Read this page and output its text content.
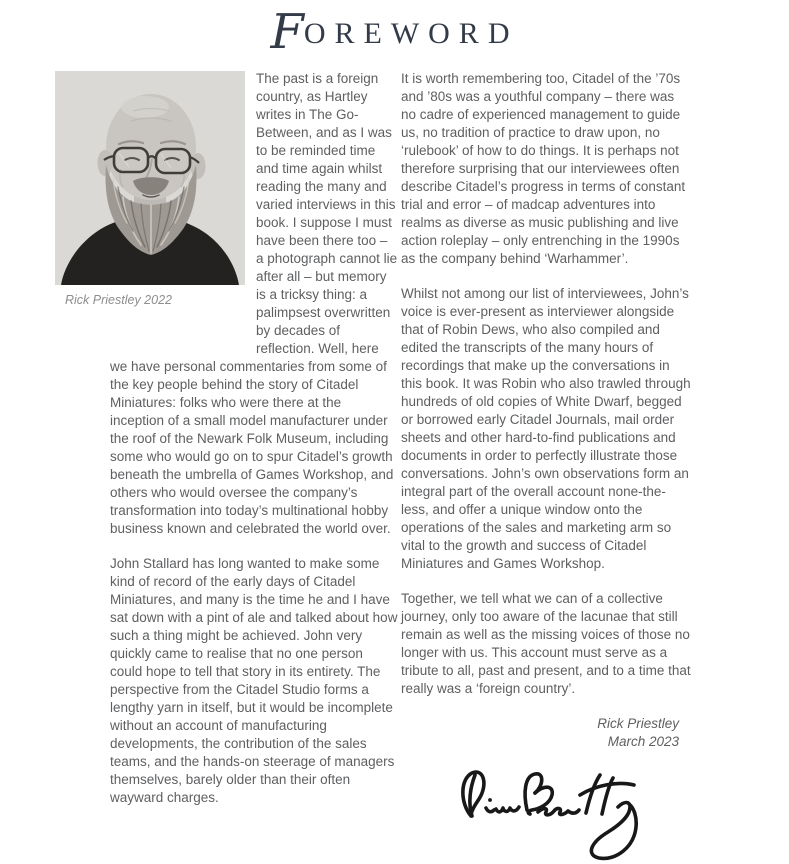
FOREWORD
Rick Priestley 2022

The past is a foreign country, as Hartley writes in The Go-Between, and as I was to be reminded time and time again whilst reading the many and varied interviews in this book. I suppose I must have been there too – a photograph cannot lie after all – but memory is a tricksy thing: a palimpsest overwritten by decades of reflection. Well, here we have personal commentaries from some of the key people behind the story of Citadel Miniatures: folks who were there at the inception of a small model manufacturer under the roof of the Newark Folk Museum, including some who would go on to spur Citadel’s growth beneath the umbrella of Games Workshop, and others who would oversee the company’s transformation into today’s multinational hobby business known and celebrated the world over.

John Stallard has long wanted to make some kind of record of the early days of Citadel Miniatures, and many is the time he and I have sat down with a pint of ale and talked about how such a thing might be achieved. John very quickly came to realise that no one person could hope to tell that story in its entirety. The perspective from the Citadel Studio forms a lengthy yarn in itself, but it would be incomplete without an account of manufacturing developments, the contribution of the sales teams, and the hands-on steerage of managers themselves, barely older than their often wayward charges.

It is worth remembering too, Citadel of the ’70s and ’80s was a youthful company – there was no cadre of experienced management to guide us, no tradition of practice to draw upon, no ‘rulebook’ of how to do things. It is perhaps not therefore surprising that our interviewees often describe Citadel’s progress in terms of constant trial and error – of madcap adventures into realms as diverse as music publishing and live action roleplay – only entrenching in the 1990s as the company behind ‘Warhammer’.

Whilst not among our list of interviewees, John’s voice is ever-present as interviewer alongside that of Robin Dews, who also compiled and edited the transcripts of the many hours of recordings that make up the conversations in this book. It was Robin who also trawled through hundreds of old copies of White Dwarf, begged or borrowed early Citadel Journals, mail order sheets and other hard-to-find publications and documents in order to perfectly illustrate those conversations. John’s own observations form an integral part of the overall account none-the-less, and offer a unique window onto the operations of the sales and marketing arm so vital to the growth and success of Citadel Miniatures and Games Workshop.

Together, we tell what we can of a collective journey, only too aware of the lacunae that still remain as well as the missing voices of those no longer with us. This account must serve as a tribute to all, past and present, and to a time that really was a ‘foreign country’.

Rick Priestley
March 2023
